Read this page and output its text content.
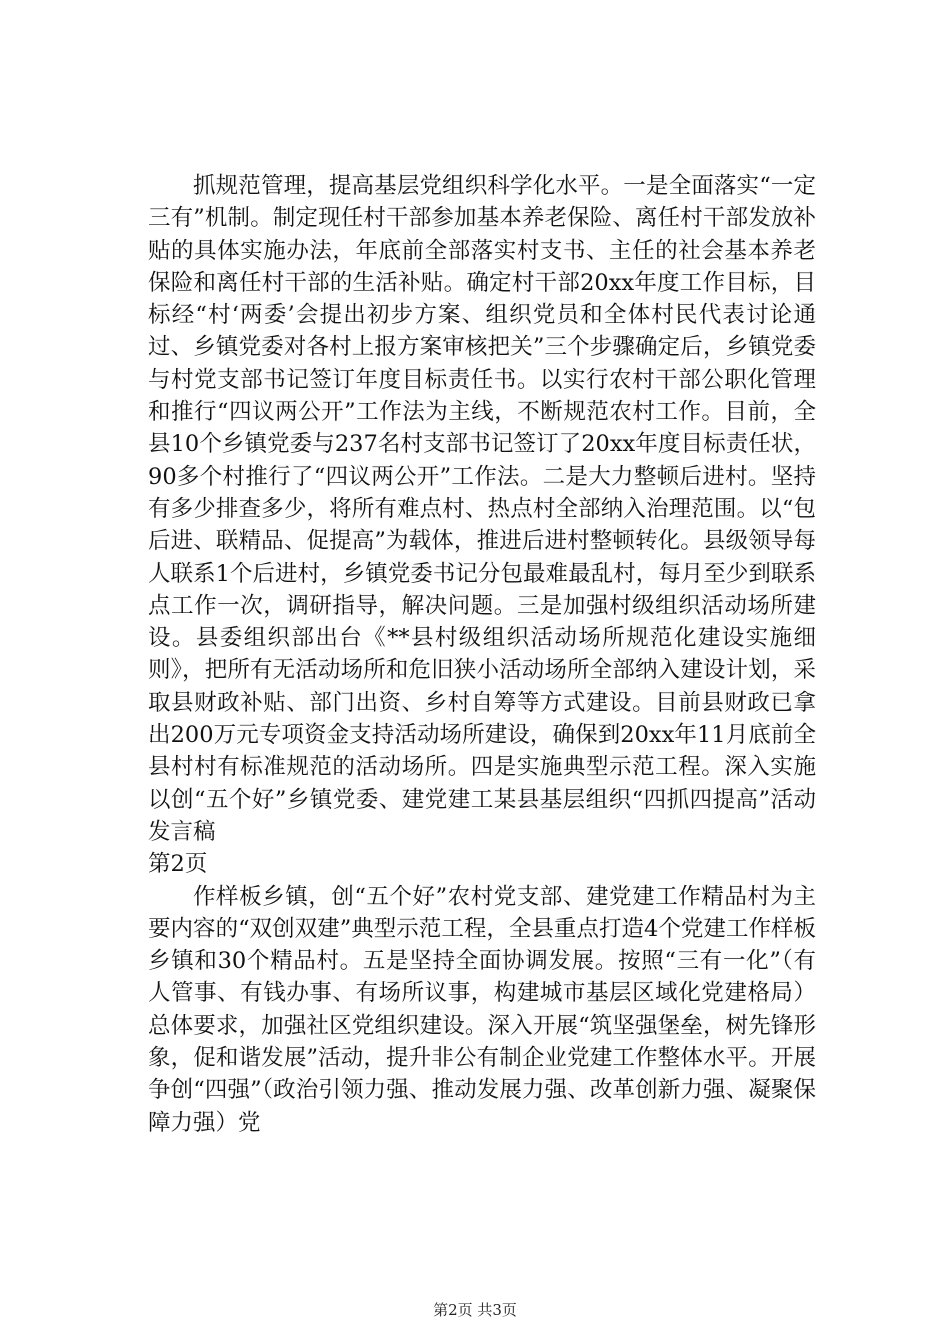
抓规范管理，提高基层党组织科学化水平。一是全面落实“一定三有”机制。制定现任村干部参加基本养老保险、离任村干部发放补贴的具体实施办法，年底前全部落实村支书、主任的社会基本养老保险和离任村干部的生活补贴。确定村干部20xx年度工作目标，目标经“村‘两委’会提出初步方案、组织党员和全体村民代表讨论通过、乡镇党委对各村上报方案审核把关”三个步骤确定后，乡镇党委与村党支部书记签订年度目标责任书。以实行农村干部公职化管理和推行“四议两公开”工作法为主线，不断规范农村工作。目前，全县10个乡镇党委与237名村支部书记签订了20xx年度目标责任状，90多个村推行了“四议两公开”工作法。二是大力整顿后进村。坚持有多少排查多少，将所有难点村、热点村全部纳入治理范围。以“包后进、联精品、促提高”为载体，推进后进村整顿转化。县级领导每人联系1个后进村，乡镇党委书记分包最难最乱村，每月至少到联系点工作一次，调研指导，解决问题。三是加强村级组织活动场所建设。县委组织部出台《**县村级组织活动场所规范化建设实施细则》，把所有无活动场所和危旧狭小活动场所全部纳入建设计划，采取县财政补贴、部门出资、乡村自筹等方式建设。目前县财政已拿出200万元专项资金支持活动场所建设，确保到20xx年11月底前全县村村有标准规范的活动场所。四是实施典型示范工程。深入实施以创“五个好”乡镇党委、建党建工某县基层组织“四抓四提高”活动发言稿

第2页

作样板乡镇，创“五个好”农村党支部、建党建工作精品村为主要内容的“双创双建”典型示范工程，全县重点打造4个党建工作样板乡镇和30个精品村。五是坚持全面协调发展。按照“三有一化”（有人管事、有钱办事、有场所议事，构建城市基层区域化党建格局）总体要求，加强社区党组织建设。深入开展“筑坚强堡垒，树先锋形象，促和谐发展”活动，提升非公有制企业党建工作整体水平。开展争创“四强”（政治引领力强、推动发展力强、改革创新力强、凝聚保障力强）党

第2页 共3页
